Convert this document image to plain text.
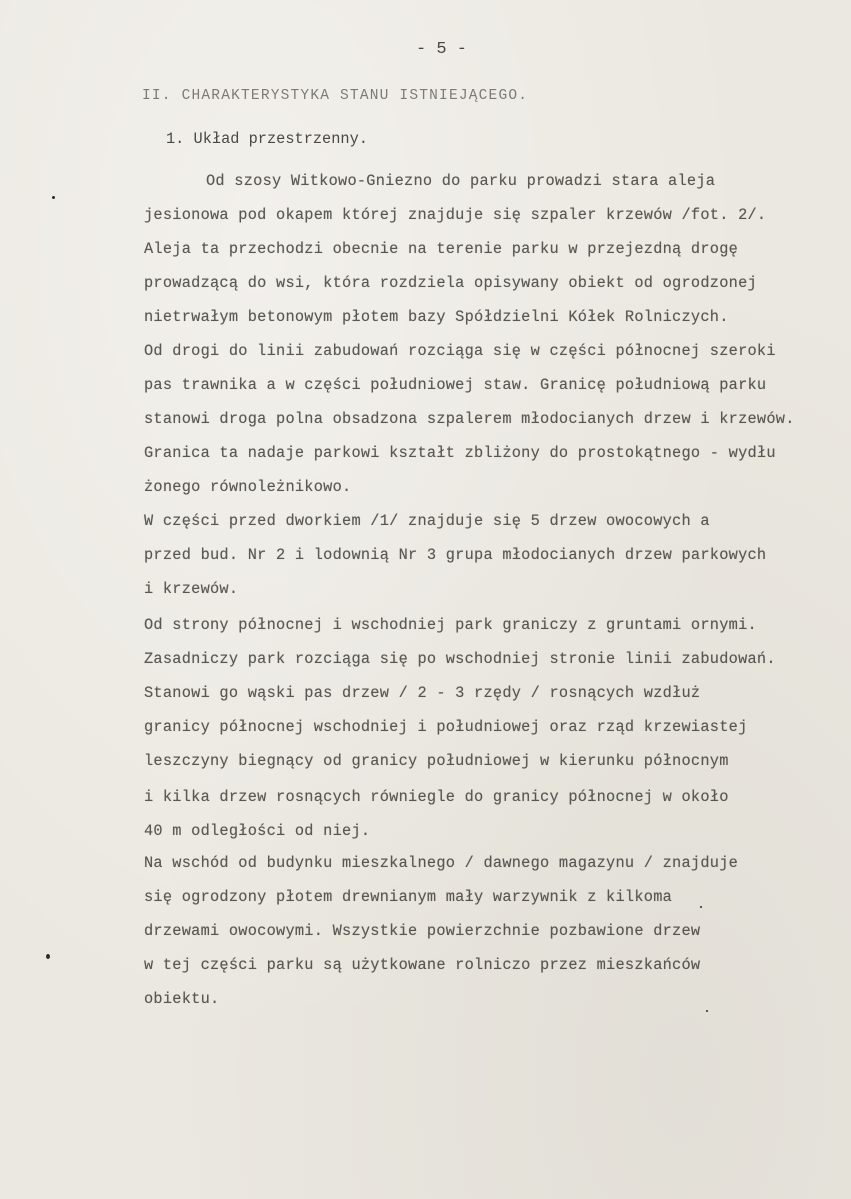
- 5 -
II. CHARAKTERYSTYKA STANU ISTNIEJĄCEGO.
1. Układ przestrzenny.
Od szosy Witkowo-Gniezno do parku prowadzi stara aleja
jesionowa pod okapem której znajduje się szpaler krzewów /fot. 2/.
Aleja ta przechodzi obecnie na terenie parku w przejezdną drogę
prowadzącą do wsi, która rozdziela opisywany obiekt od ogrodzonej
nietrwałym betonowym płotem bazy Spółdzielni Kółek Rolniczych.
Od drogi do linii zabudowań rozciąga się w części północnej szeroki
pas trawnika a w części południowej staw. Granicę południową parku
stanowi droga polna obsadzona szpalerem młodocianych drzew i krzewów.
Granica ta nadaje parkowi kształt zbliżony do prostokątnego - wydłu
żonego równoleżnikowo.
W części przed dworkiem /1/ znajduje się 5 drzew owocowych a
przed bud. Nr 2 i lodownią Nr 3 grupa młodocianych drzew parkowych
i krzewów.
Od strony północnej i wschodniej park graniczy z gruntami ornymi.
Zasadniczy park rozciąga się po wschodniej stronie linii zabudowań.
Stanowi go wąski pas drzew / 2 - 3 rzędy / rosnących wzdłuż
granicy północnej wschodniej i południowej oraz rząd krzewiastej
leszczyny biegnący od granicy południowej w kierunku północnym
i kilka drzew rosnących równiegle do granicy północnej w około
40 m odległości od niej.
Na wschód od budynku mieszkalnego / dawnego magazynu / znajduje
się ogrodzony płotem drewnianym mały warzywnik z kilkoma
drzewami owocowymi. Wszystkie powierzchnie pozbawione drzew
w tej części parku są użytkowane rolniczo przez mieszkańców
obiektu.
